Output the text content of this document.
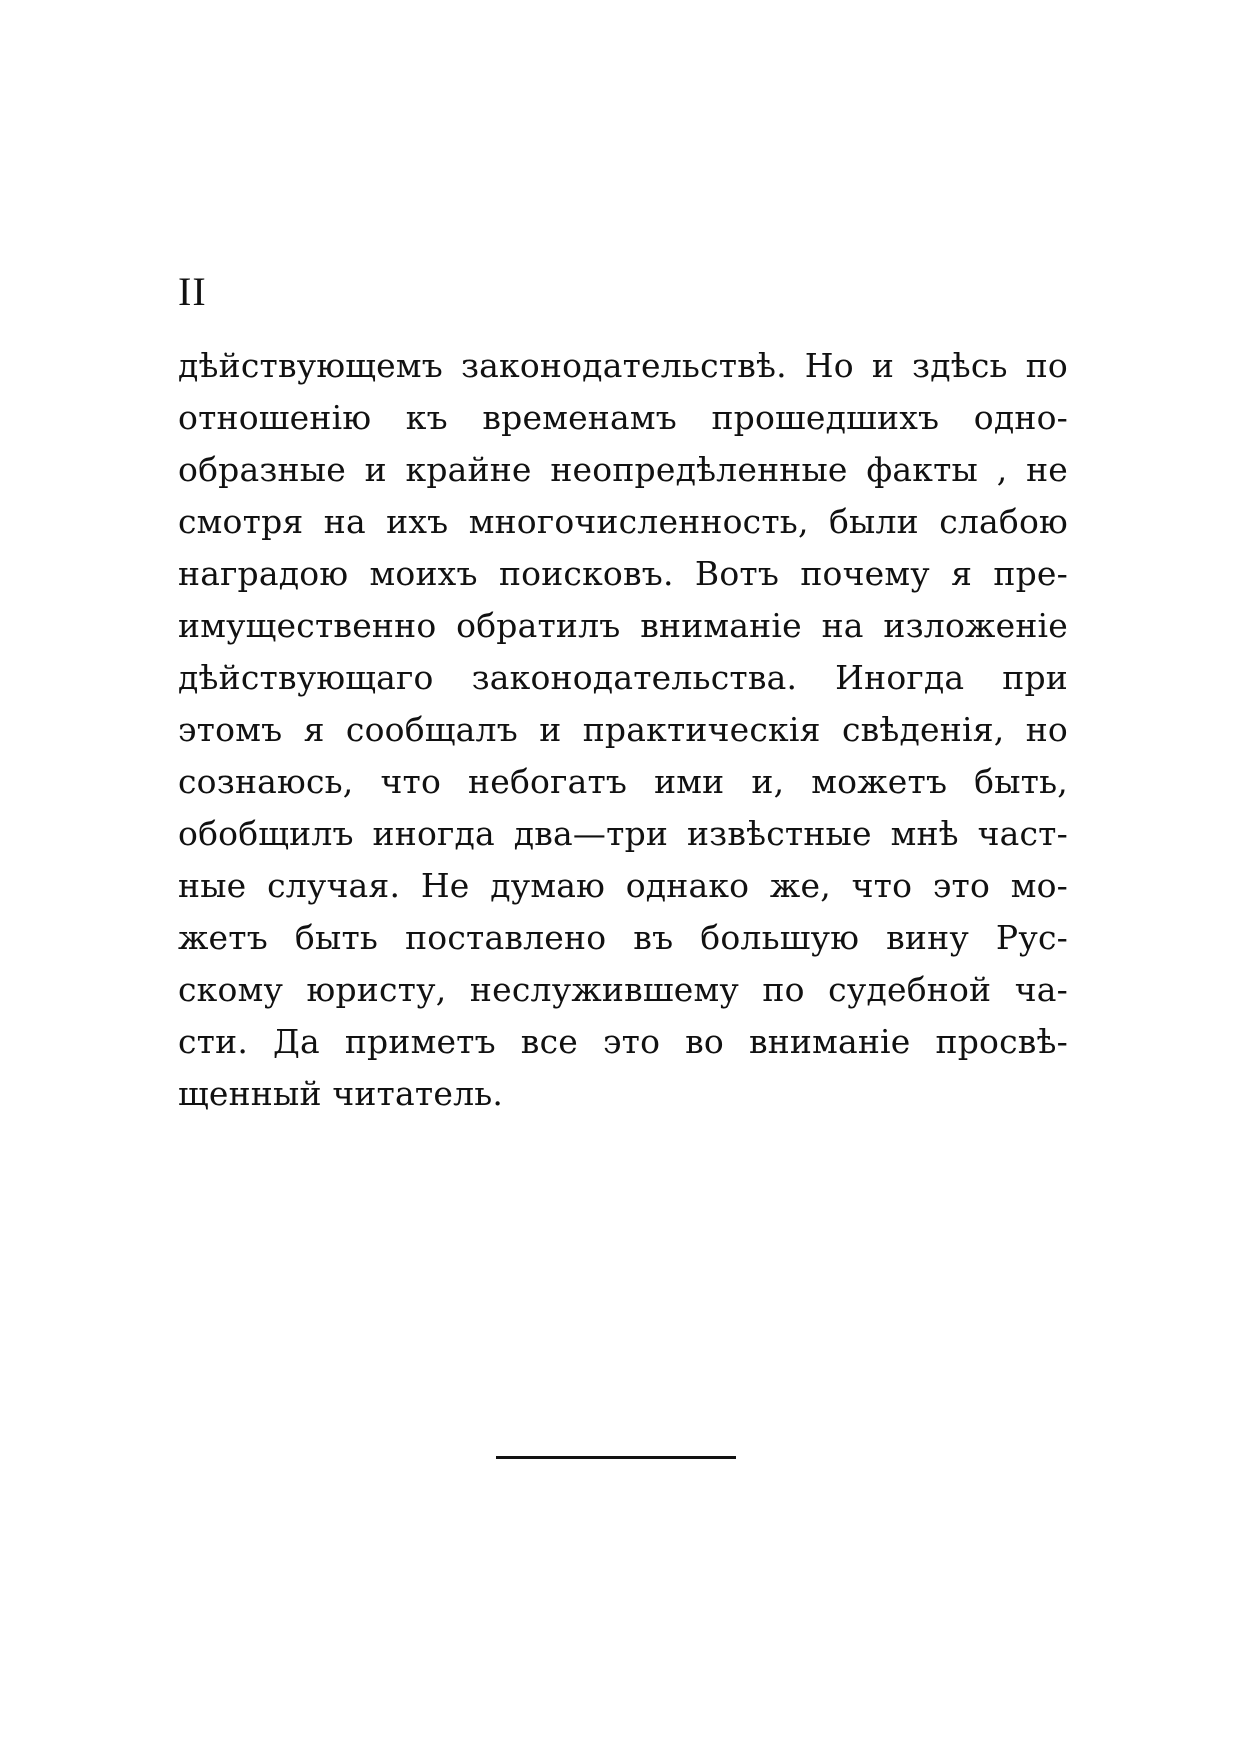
II
дѣйствующемъ законодательствѣ. Но и здѣсь по
отношенію къ временамъ прошедшихъ одно-
образные и крайне неопредѣленные факты , не
смотря на ихъ многочисленность, были слабою
наградою моихъ поисковъ. Вотъ почему я пре-
имущественно обратилъ вниманіе на изложеніе
дѣйствующаго законодательства. Иногда при
этомъ я сообщалъ и практическія свѣденія, но
сознаюсь, что небогатъ ими и, можетъ быть,
обобщилъ иногда два—три извѣстные мнѣ част-
ные случая. Не думаю однако же, что это мо-
жетъ быть поставлено въ большую вину Рус-
скому юристу, неслужившему по судебной ча-
сти. Да приметъ все это во вниманіе просвѣ-
щенный читатель.
